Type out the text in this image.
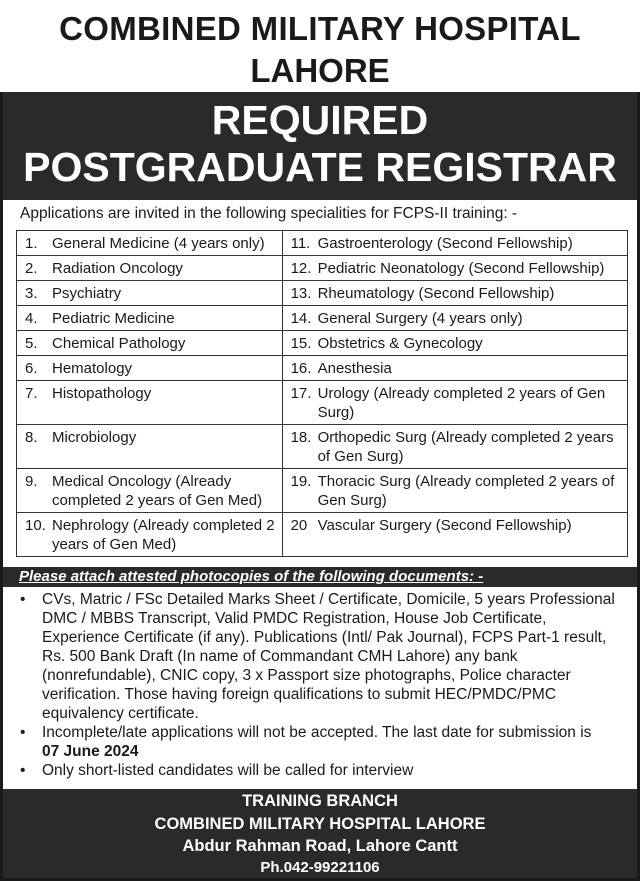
COMBINED MILITARY HOSPITAL
LAHORE
REQUIRED
POSTGRADUATE REGISTRAR
Applications are invited in the following specialities for FCPS-II training: -
1. General Medicine (4 years only)	11. Gastroenterology (Second Fellowship)

2. Radiation Oncology	12. Pediatric Neonatology (Second Fellowship)

3. Psychiatry	13. Rheumatology (Second Fellowship)

4. Pediatric Medicine	14. General Surgery (4 years only)

5. Chemical Pathology	15. Obstetrics & Gynecology

6. Hematology	16. Anesthesia

7. Histopathology	17. Urology (Already completed 2 years of Gen Surg)

8. Microbiology	18. Orthopedic Surg (Already completed 2 years of Gen Surg)

9. Medical Oncology (Already completed 2 years of Gen Med)	19. Thoracic Surg (Already completed 2 years of Gen Surg)

10. Nephrology (Already completed 2 years of Gen Med)	20 Vascular Surgery (Second Fellowship)
Please attach attested photocopies of the following documents: -
• CVs, Matric / FSc Detailed Marks Sheet / Certificate, Domicile, 5 years Professional DMC / MBBS Transcript, Valid PMDC Registration, House Job Certificate, Experience Certificate (if any). Publications (Intl/ Pak Journal), FCPS Part-1 result, Rs. 500 Bank Draft (In name of Commandant CMH Lahore) any bank (nonrefundable), CNIC copy, 3 x Passport size photographs, Police character verification. Those having foreign qualifications to submit HEC/PMDC/PMC equivalency certificate.
• Incomplete/late applications will not be accepted. The last date for submission is
07 June 2024
• Only short-listed candidates will be called for interview
TRAINING BRANCH
COMBINED MILITARY HOSPITAL LAHORE
Abdur Rahman Road, Lahore Cantt
Ph.042-99221106
